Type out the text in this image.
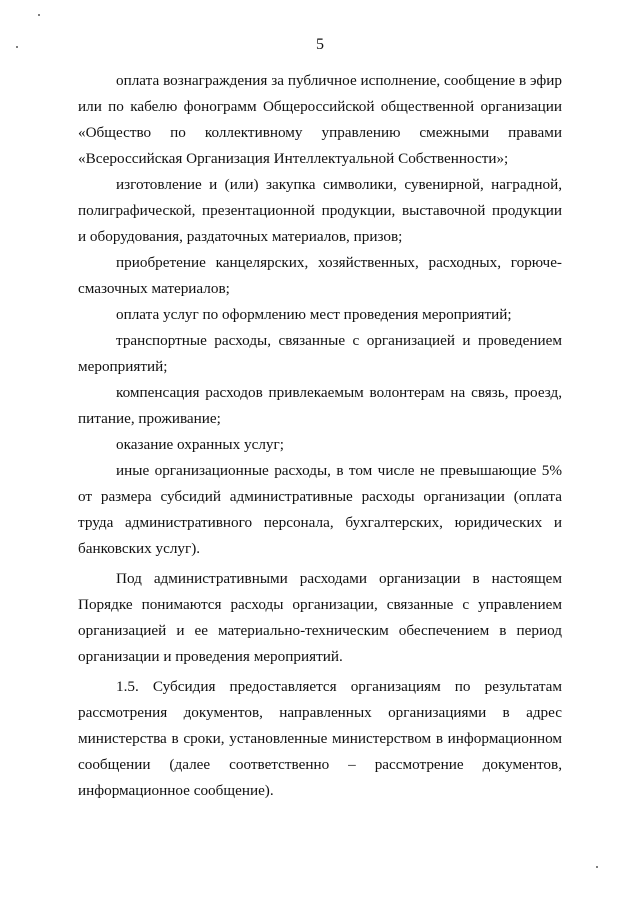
5

оплата вознаграждения за публичное исполнение, сообщение в эфир или по кабелю фонограмм Общероссийской общественной организации «Общество по коллективному управлению смежными правами «Всероссийская Организация Интеллектуальной Собственности»;

изготовление и (или) закупка символики, сувенирной, наградной, полиграфической, презентационной продукции, выставочной продукции и оборудования, раздаточных материалов, призов;

приобретение канцелярских, хозяйственных, расходных, горюче-смазочных материалов;

оплата услуг по оформлению мест проведения мероприятий;

транспортные расходы, связанные с организацией и проведением мероприятий;

компенсация расходов привлекаемым волонтерам на связь, проезд, питание, проживание;

оказание охранных услуг;

иные организационные расходы, в том числе не превышающие 5% от размера субсидий административные расходы организации (оплата труда административного персонала, бухгалтерских, юридических и банковских услуг).

Под административными расходами организации в настоящем Порядке понимаются расходы организации, связанные с управлением организацией и ее материально-техническим обеспечением в период организации и проведения мероприятий.

1.5. Субсидия предоставляется организациям по результатам рассмотрения документов, направленных организациями в адрес министерства в сроки, установленные министерством в информационном сообщении (далее соответственно – рассмотрение документов, информационное сообщение).
